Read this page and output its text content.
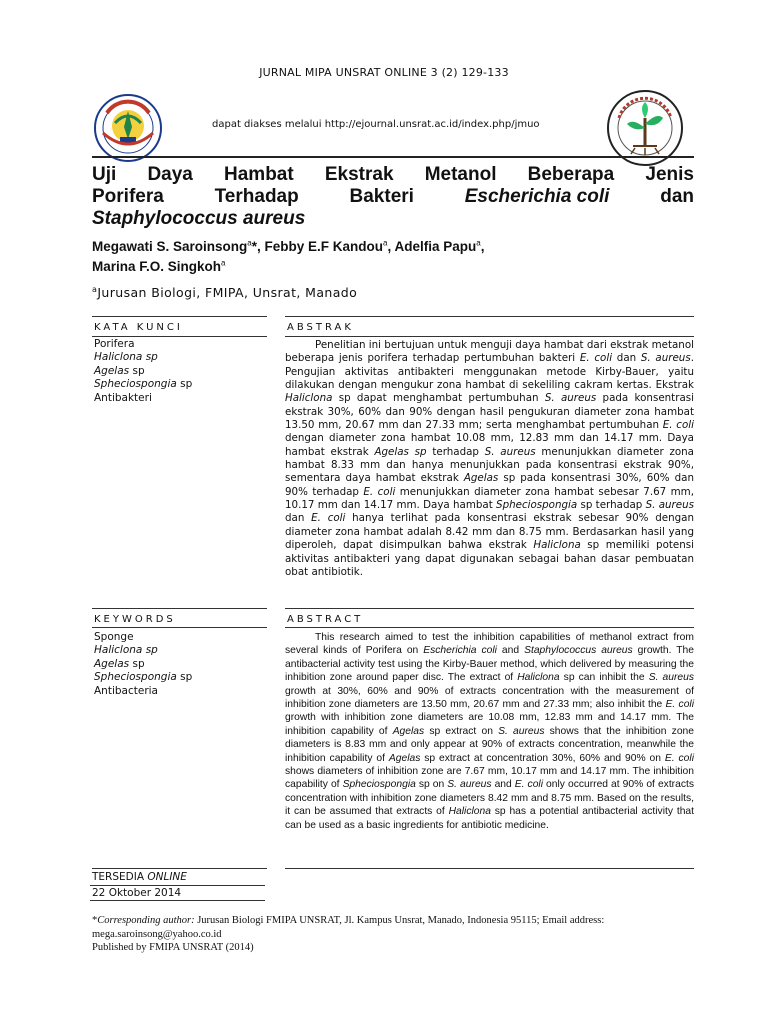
JURNAL MIPA UNSRAT ONLINE 3 (2) 129-133
dapat diakses melalui http://ejournal.unsrat.ac.id/index.php/jmuo
Uji Daya Hambat Ekstrak Metanol Beberapa Jenis
Porifera	Terhadap	Bakteri	Escherichia coli	dan
Staphylococcus aureus
Megawati S. Saroinsong$^a$*, Febby E.F Kandou$^a$, Adelfia Papu$^a$,
Marina F.O. Singkoh$^a$
$^a$Jurusan Biologi, FMIPA, Unsrat, Manado
KATA KUNCI	ABSTRAK
Porifera
Haliclona sp
Agelas sp
Spheciospongia sp
Antibakteri
Penelitian ini bertujuan untuk menguji daya hambat dari ekstrak metanol beberapa jenis porifera terhadap pertumbuhan bakteri E. coli dan S. aureus. Pengujian aktivitas antibakteri menggunakan metode Kirby-Bauer, yaitu dilakukan dengan mengukur zona hambat di sekeliling cakram kertas. Ekstrak Haliclona sp dapat menghambat pertumbuhan S. aureus pada konsentrasi ekstrak 30%, 60% dan 90% dengan hasil pengukuran diameter zona hambat 13.50 mm, 20.67 mm dan 27.33 mm; serta menghambat pertumbuhan E. coli dengan diameter zona hambat 10.08 mm, 12.83 mm dan 14.17 mm. Daya hambat ekstrak Agelas sp terhadap S. aureus menunjukkan diameter zona hambat 8.33 mm dan hanya menunjukkan pada konsentrasi ekstrak 90%, sementara daya hambat ekstrak Agelas sp pada konsentrasi 30%, 60% dan 90% terhadap E. coli menunjukkan diameter zona hambat sebesar 7.67 mm, 10.17 mm dan 14.17 mm. Daya hambat Spheciospongia sp terhadap S. aureus dan E. coli hanya terlihat pada konsentrasi ekstrak sebesar 90% dengan diameter zona hambat adalah 8.42 mm dan 8.75 mm. Berdasarkan hasil yang diperoleh, dapat disimpulkan bahwa ekstrak Haliclona sp memiliki potensi aktivitas antibakteri yang dapat digunakan sebagai bahan dasar pembuatan obat antibiotik.
KEYWORDS	ABSTRACT
Sponge
Haliclona sp
Agelas sp
Spheciospongia sp
Antibacteria
This research aimed to test the inhibition capabilities of methanol extract from several kinds of Porifera on Escherichia coli and Staphylococcus aureus growth. The antibacterial activity test using the Kirby-Bauer method, which delivered by measuring the inhibition zone around paper disc. The extract of Haliclona sp can inhibit the S. aureus growth at 30%, 60% and 90% of extracts concentration with the measurement of inhibition zone diameters are 13.50 mm, 20.67 mm and 27.33 mm; also inhibit the E. coli growth with inhibition zone diameters are 10.08 mm, 12.83 mm and 14.17 mm. The inhibition capability of Agelas sp extract on S. aureus shows that the inhibition zone diameters is 8.83 mm and only appear at 90% of extracts concentration, meanwhile the inhibition capability of Agelas sp extract at concentration 30%, 60% and 90% on E. coli shows diameters of inhibition zone are 7.67 mm, 10.17 mm and 14.17 mm. The inhibition capability of Spheciospongia sp on S. aureus and E. coli only occurred at 90% of extracts concentration with inhibition zone diameters 8.42 mm and 8.75 mm. Based on the results, it can be assumed that extracts of Haliclona sp has a potential antibacterial activity that can be used as a basic ingredients for antibiotic medicine.
TERSEDIA ONLINE
22 Oktober 2014
*Corresponding author: Jurusan Biologi FMIPA UNSRAT, Jl. Kampus Unsrat, Manado, Indonesia 95115; Email address: mega.saroinsong@yahoo.co.id
Published by FMIPA UNSRAT (2014)
